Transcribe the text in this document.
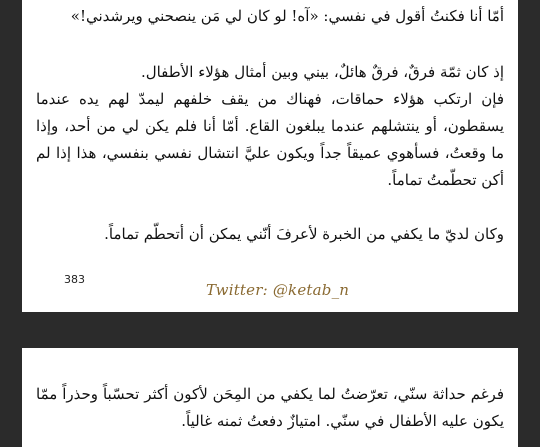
أمّا أنا فكنتُ أقول في نفسي: «آه! لو كان لي مَن ينصحني ويرشدني!»

إذ كان ثمّة فرقٌ، فرقٌ هائلٌ، بيني وبين أمثال هؤلاء الأطفال.

فإن ارتكب هؤلاء حماقات، فهناك من يقف خلفهم ليمدّ لهم يده عندما يسقطون، أو ينتشلهم عندما يبلغون القاع. أمّا أنا فلم يكن لي من أحد، وإذا ما وقعتُ، فسأهوي عميقاً جداً ويكون عليَّ انتشال نفسي بنفسي، هذا إذا لم أكن تحطّمتُ تماماً.

وكان لديّ ما يكفي من الخبرة لأعرفَ أنّني يمكن أن أتحطّم تماماً.

383
Twitter: @ketab_n

فرغم حداثة سنّي، تعرّضتُ لما يكفي من المِحَن لأكون أكثر تحسّباً وحذراً ممّا يكون عليه الأطفال في سنّي. امتيازٌ دفعتُ ثمنه غالياً.
